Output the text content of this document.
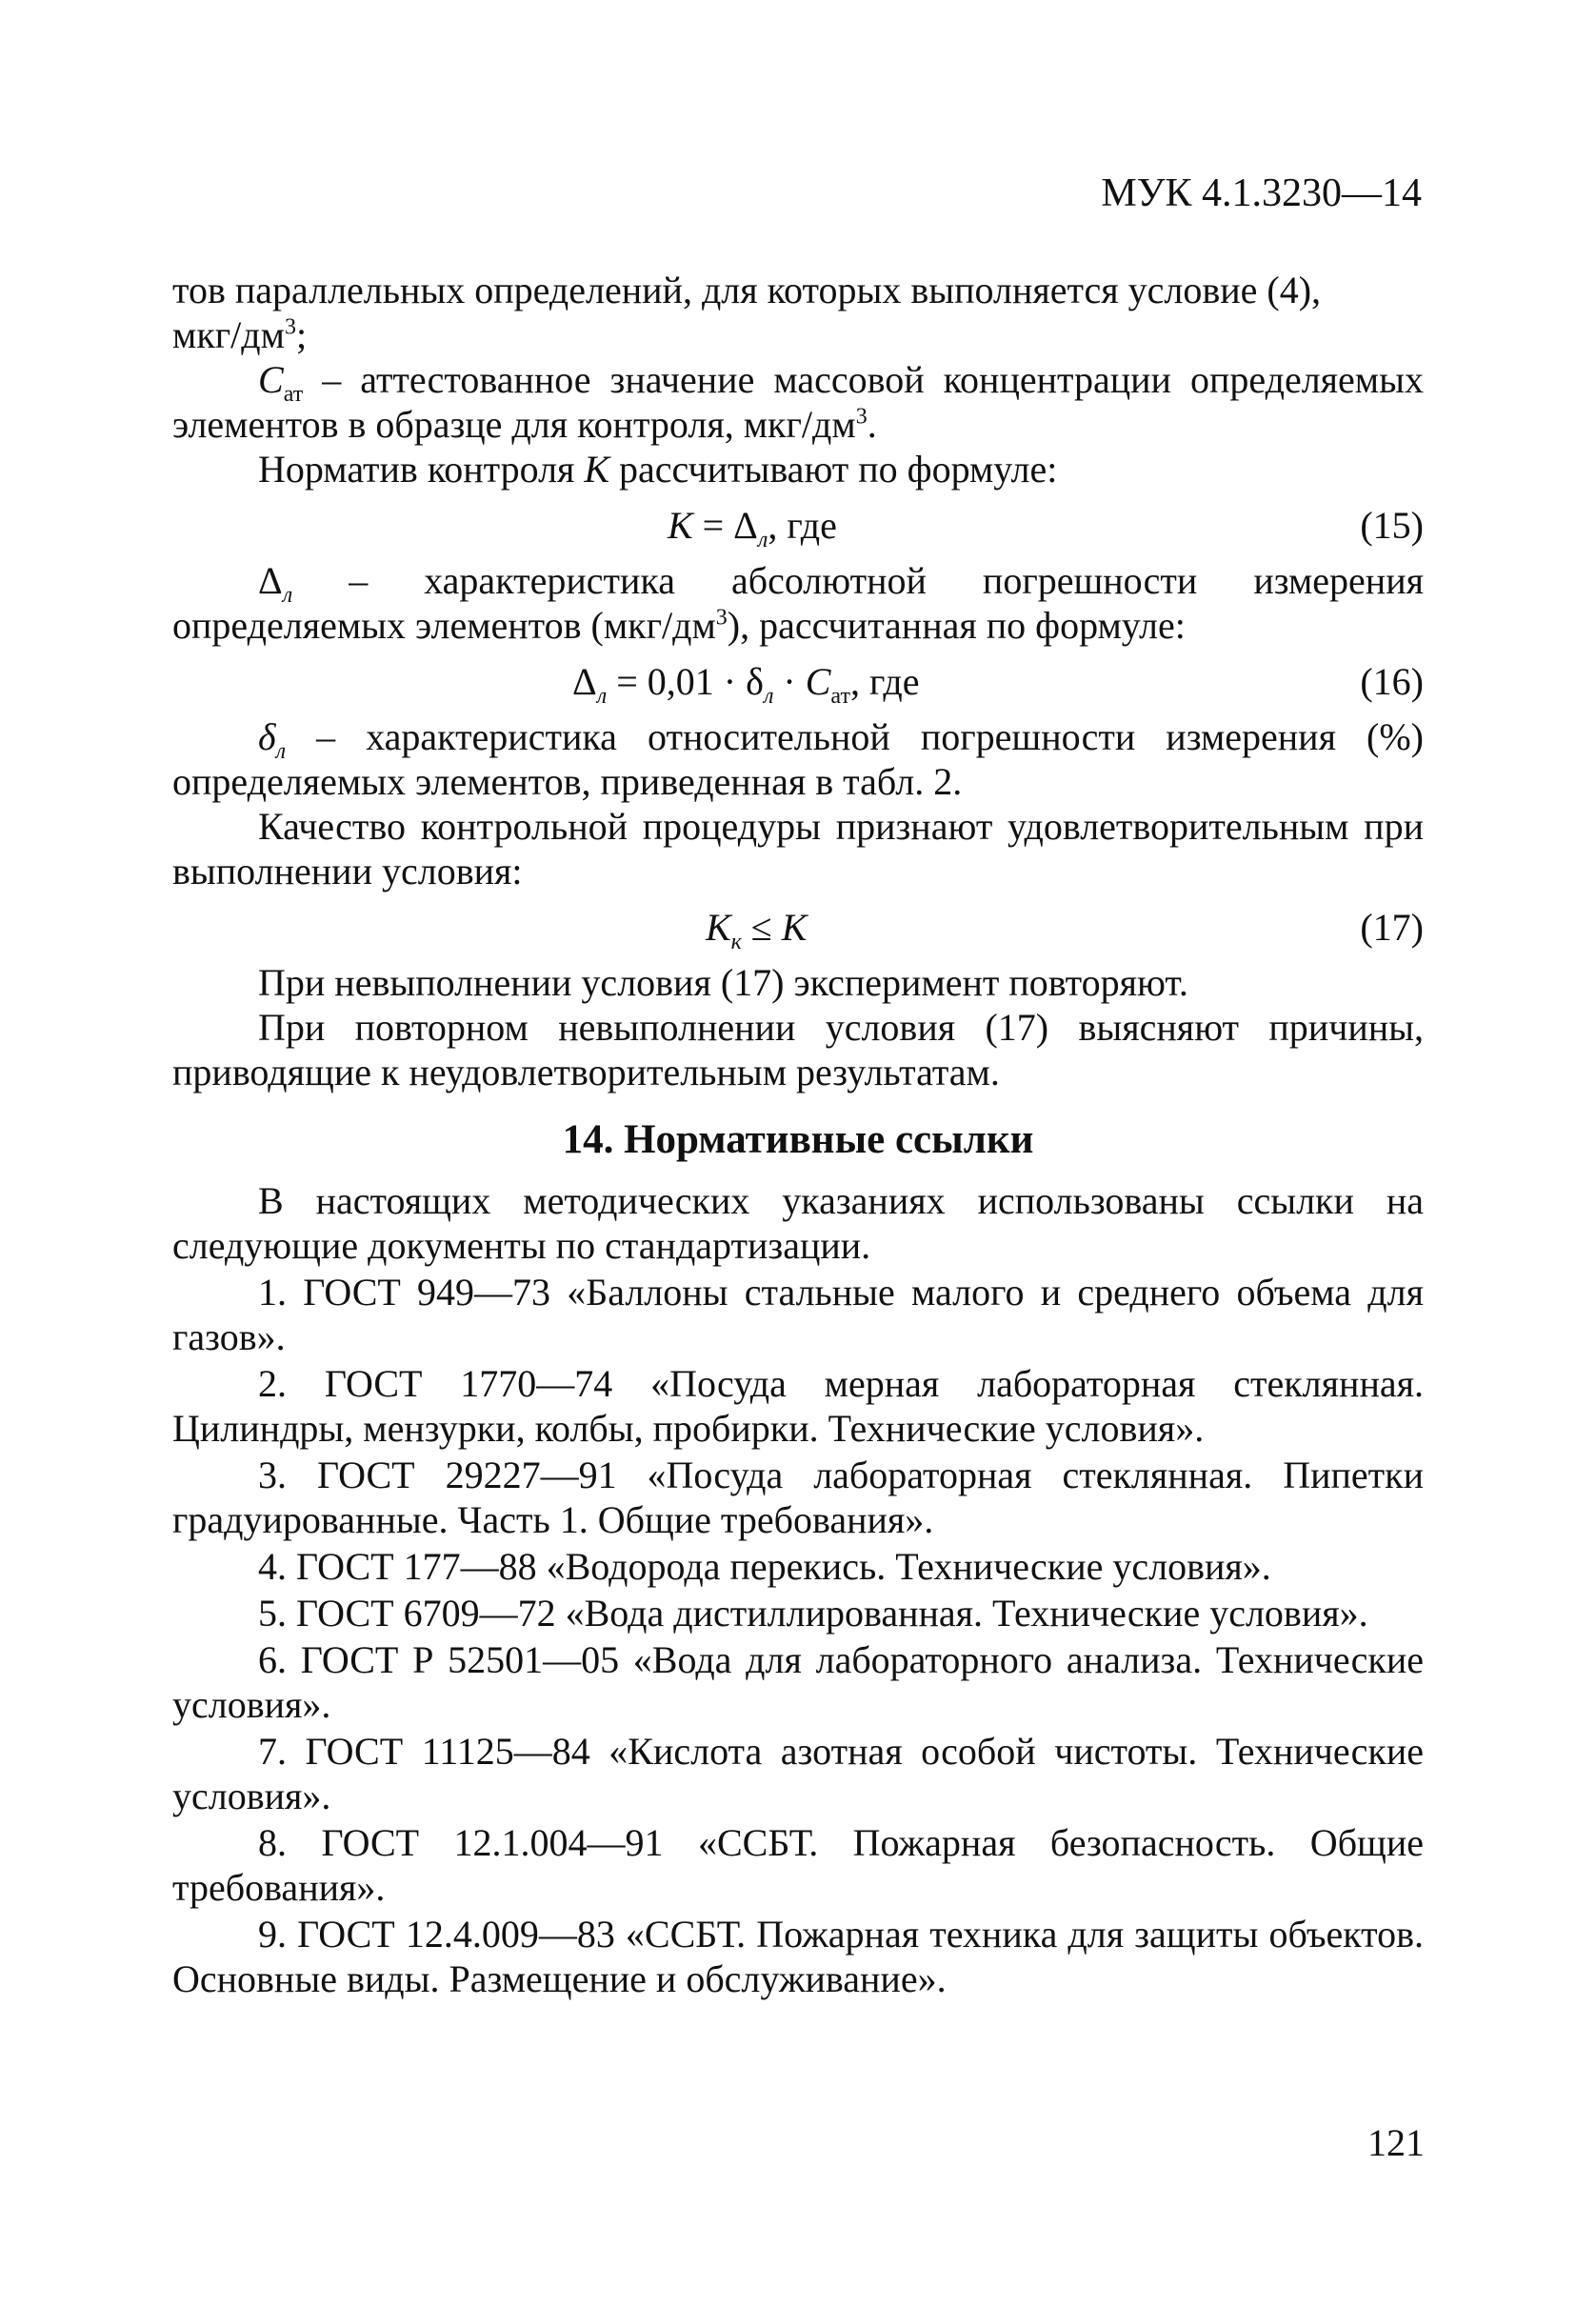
МУК 4.1.3230—14

тов параллельных определений, для которых выполняется условие (4),
мкг/$дм^3$;

$С_{ат}$ – аттестованное значение массовой концентрации определяемых элементов в образце для контроля, мкг/$дм^3$.

Норматив контроля К рассчитывают по формуле:

$К = \Delta_л$, где	(15)

$\Delta_л$ – характеристика абсолютной погрешности измерения определяемых элементов $(мкг/дм^3)$, рассчитанная по формуле:

$\Delta_л = 0,01 \cdot \delta_л \cdot С_{ат}$, где	(16)

$\delta_л$ – характеристика относительной погрешности измерения (%) определяемых элементов, приведенная в табл. 2.

Качество контрольной процедуры признают удовлетворительным при выполнении условия:

$К_к \le К$	(17)

При невыполнении условия (17) эксперимент повторяют.

При повторном невыполнении условия (17) выясняют причины, приводящие к неудовлетворительным результатам.

14. Нормативные ссылки

В настоящих методических указаниях использованы ссылки на следующие документы по стандартизации.

1. ГОСТ 949—73 «Баллоны стальные малого и среднего объема для газов».

2. ГОСТ 1770—74 «Посуда мерная лабораторная стеклянная. Цилиндры, мензурки, колбы, пробирки. Технические условия».

3. ГОСТ 29227—91 «Посуда лабораторная стеклянная. Пипетки градуированные. Часть 1. Общие требования».

4. ГОСТ 177—88 «Водорода перекись. Технические условия».

5. ГОСТ 6709—72 «Вода дистиллированная. Технические условия».

6. ГОСТ Р 52501—05 «Вода для лабораторного анализа. Технические условия».

7. ГОСТ 11125—84 «Кислота азотная особой чистоты. Технические условия».

8. ГОСТ 12.1.004—91 «ССБТ. Пожарная безопасность. Общие требования».

9. ГОСТ 12.4.009—83 «ССБТ. Пожарная техника для защиты объектов. Основные виды. Размещение и обслуживание».

121
